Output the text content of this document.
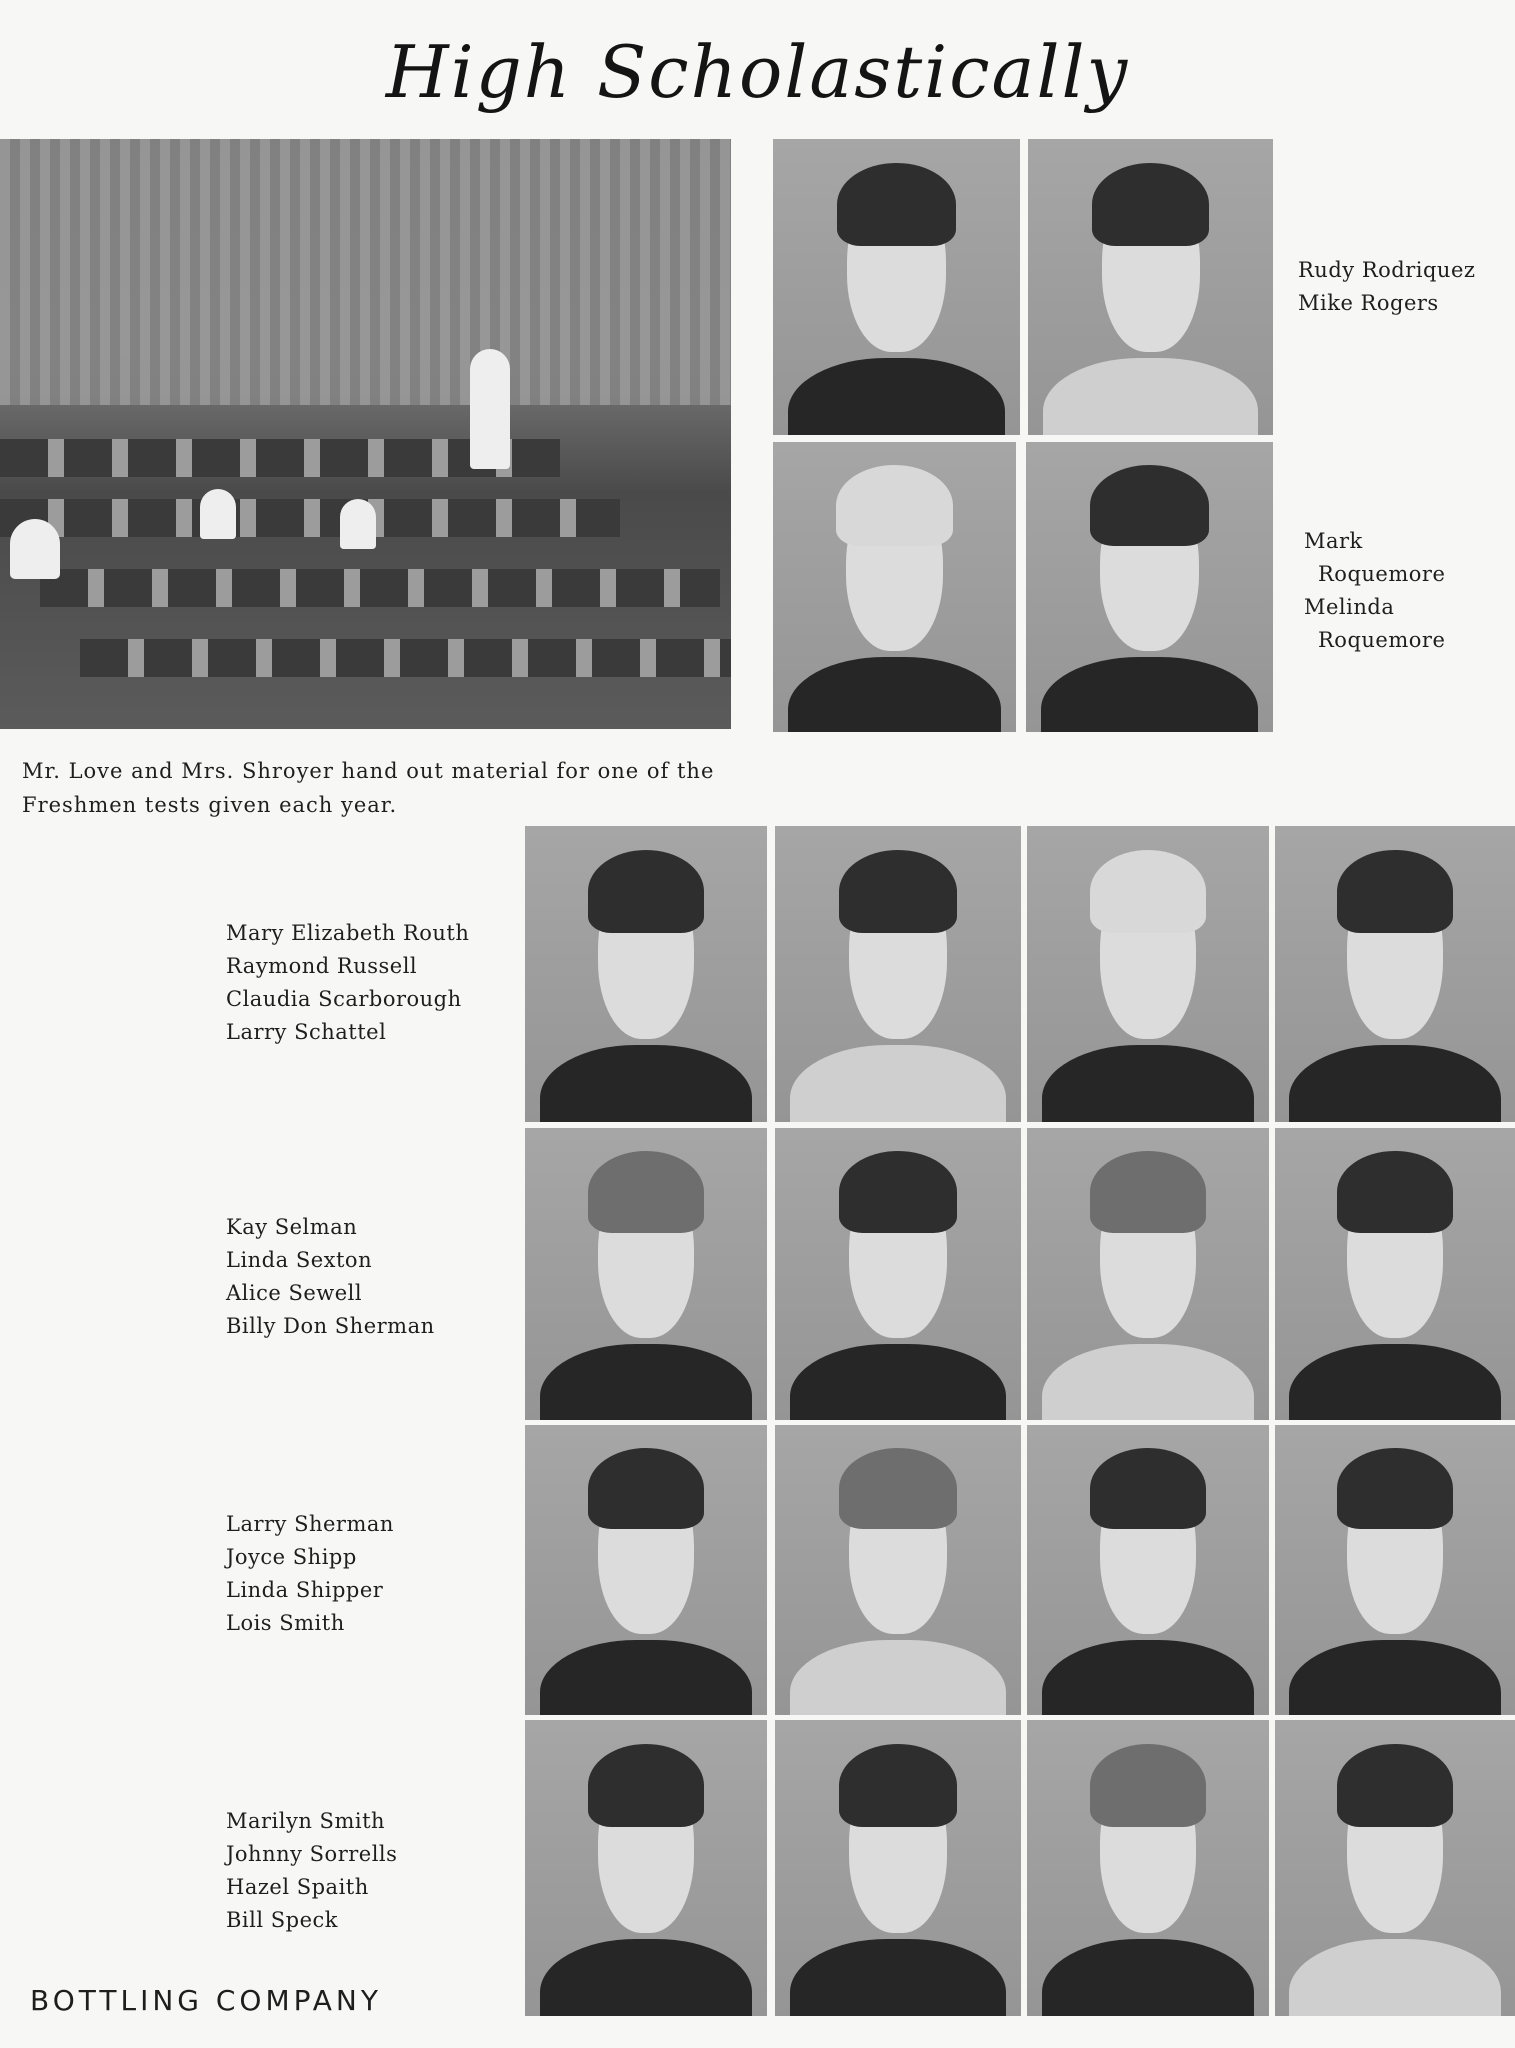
High Scholastically
Mr. Love and Mrs. Shroyer hand out material for one of the Freshmen tests given each year.
Rudy Rodriquez
Mike Rogers
Mark
Roquemore
Melinda
Roquemore
Mary Elizabeth Routh
Raymond Russell
Claudia Scarborough
Larry Schattel
Kay Selman
Linda Sexton
Alice Sewell
Billy Don Sherman
Larry Sherman
Joyce Shipp
Linda Shipper
Lois Smith
Marilyn Smith
Johnny Sorrells
Hazel Spaith
Bill Speck
BOTTLING COMPANY
